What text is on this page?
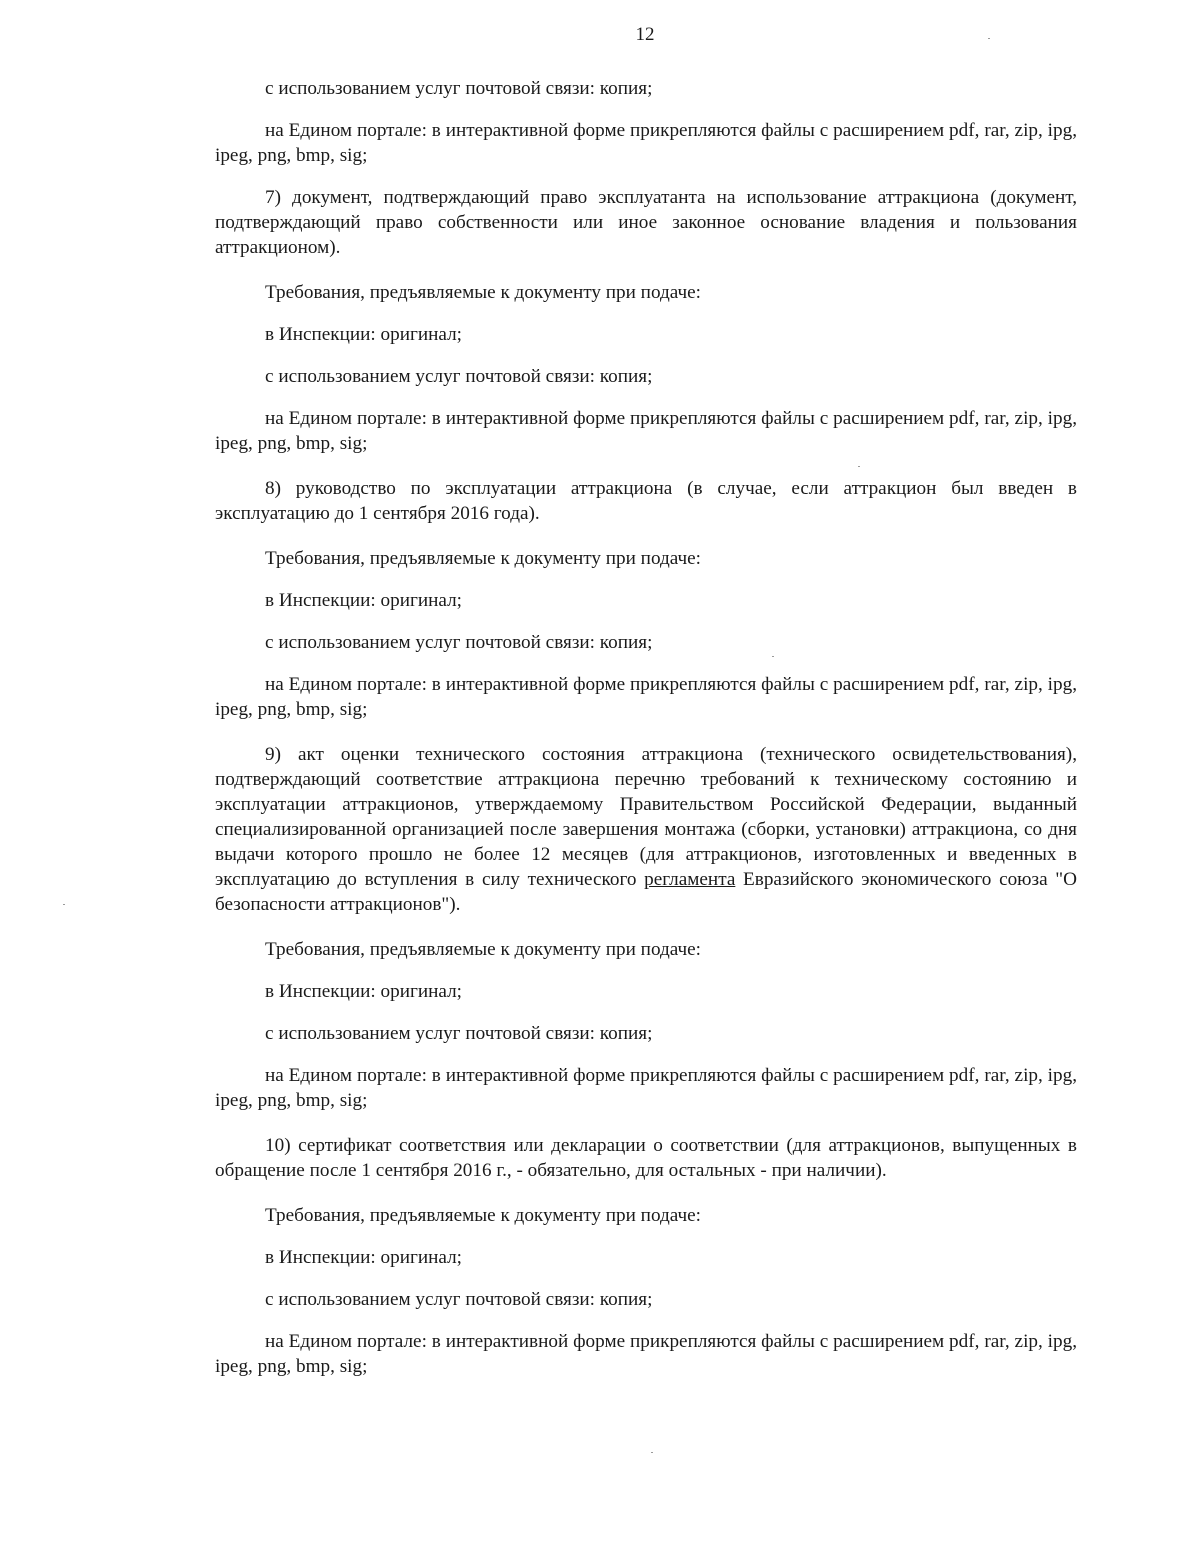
12

с использованием услуг почтовой связи: копия;

на Едином портале: в интерактивной форме прикрепляются файлы с расширением pdf, rar, zip, ipg, ipeg, png, bmp, sig;

7) документ, подтверждающий право эксплуатанта на использование аттракциона (документ, подтверждающий право собственности или иное законное основание владения и пользования аттракционом).

Требования, предъявляемые к документу при подаче:

в Инспекции: оригинал;

с использованием услуг почтовой связи: копия;

на Едином портале: в интерактивной форме прикрепляются файлы с расширением pdf, rar, zip, ipg, ipeg, png, bmp, sig;

8) руководство по эксплуатации аттракциона (в случае, если аттракцион был введен в эксплуатацию до 1 сентября 2016 года).

Требования, предъявляемые к документу при подаче:

в Инспекции: оригинал;

с использованием услуг почтовой связи: копия;

на Едином портале: в интерактивной форме прикрепляются файлы с расширением pdf, rar, zip, ipg, ipeg, png, bmp, sig;

9) акт оценки технического состояния аттракциона (технического освидетельствования), подтверждающий соответствие аттракциона перечню требований к техническому состоянию и эксплуатации аттракционов, утверждаемому Правительством Российской Федерации, выданный специализированной организацией после завершения монтажа (сборки, установки) аттракциона, со дня выдачи которого прошло не более 12 месяцев (для аттракционов, изготовленных и введенных в эксплуатацию до вступления в силу технического регламента Евразийского экономического союза "О безопасности аттракционов").

Требования, предъявляемые к документу при подаче:

в Инспекции: оригинал;

с использованием услуг почтовой связи: копия;

на Едином портале: в интерактивной форме прикрепляются файлы с расширением pdf, rar, zip, ipg, ipeg, png, bmp, sig;

10) сертификат соответствия или декларации о соответствии (для аттракционов, выпущенных в обращение после 1 сентября 2016 г., - обязательно, для остальных - при наличии).

Требования, предъявляемые к документу при подаче:

в Инспекции: оригинал;

с использованием услуг почтовой связи: копия;

на Едином портале: в интерактивной форме прикрепляются файлы с расширением pdf, rar, zip, ipg, ipeg, png, bmp, sig;
